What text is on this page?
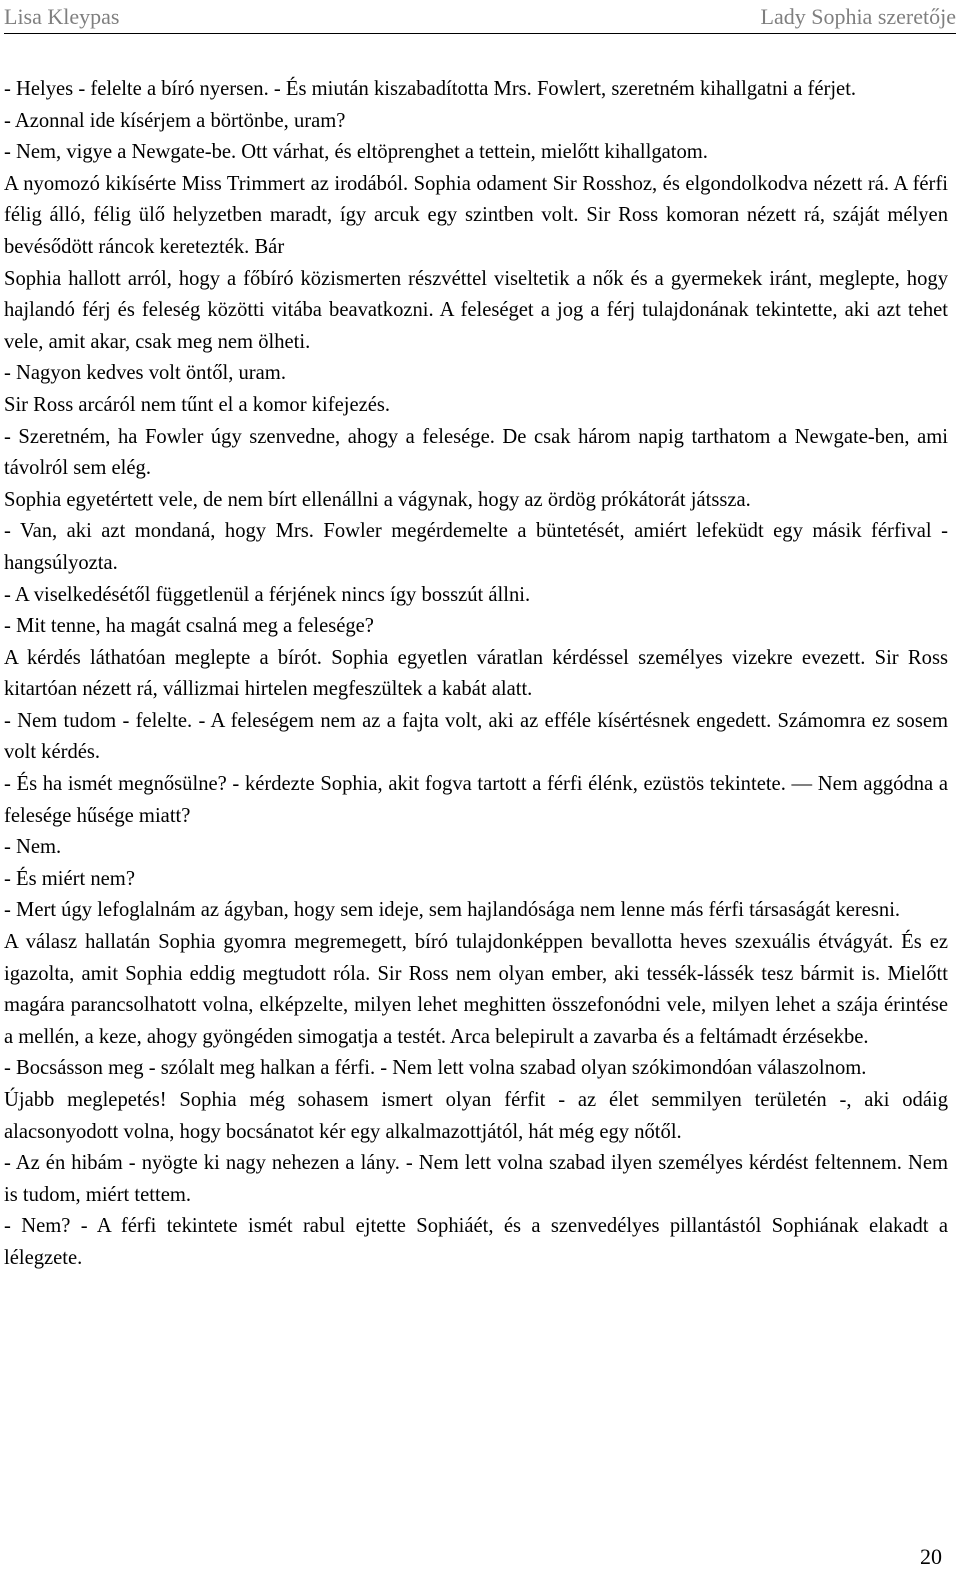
Lisa Kleypas	Lady Sophia szeretője

- Helyes - felelte a bíró nyersen. - És miután kiszabadította Mrs. Fowlert, szeretném kihallgatni a férjet.

- Azonnal ide kísérjem a börtönbe, uram?

- Nem, vigye a Newgate-be. Ott várhat, és eltöprenghet a tettein, mielőtt kihallgatom.

A nyomozó kikísérte Miss Trimmert az irodából. Sophia odament Sir Rosshoz, és elgondolkodva nézett rá. A férfi félig álló, félig ülő helyzetben maradt, így arcuk egy szintben volt. Sir Ross komoran nézett rá, száját mélyen bevésődött ráncok keretezték. Bár

Sophia hallott arról, hogy a főbíró közismerten részvéttel viseltetik a nők és a gyermekek iránt, meglepte, hogy hajlandó férj és feleség közötti vitába beavatkozni. A feleséget a jog a férj tulajdonának tekintette, aki azt tehet vele, amit akar, csak meg nem ölheti.

- Nagyon kedves volt öntől, uram.

Sir Ross arcáról nem tűnt el a komor kifejezés.

- Szeretném, ha Fowler úgy szenvedne, ahogy a felesége. De csak három napig tarthatom a Newgate-ben, ami távolról sem elég.

Sophia egyetértett vele, de nem bírt ellenállni a vágynak, hogy az ördög prókátorát játssza.

- Van, aki azt mondaná, hogy Mrs. Fowler megérdemelte a büntetését, amiért lefeküdt egy másik férfival - hangsúlyozta.

- A viselkedésétől függetlenül a férjének nincs így bosszút állni.

- Mit tenne, ha magát csalná meg a felesége?

A kérdés láthatóan meglepte a bírót. Sophia egyetlen váratlan kérdéssel személyes vizekre evezett. Sir Ross kitartóan nézett rá, vállizmai hirtelen megfeszültek a kabát alatt.

- Nem tudom - felelte. - A feleségem nem az a fajta volt, aki az efféle kísértésnek engedett. Számomra ez sosem volt kérdés.

- És ha ismét megnősülne? - kérdezte Sophia, akit fogva tartott a férfi élénk, ezüstös tekintete. — Nem aggódna a felesége hűsége miatt?

- Nem.

- És miért nem?

- Mert úgy lefoglalnám az ágyban, hogy sem ideje, sem hajlandósága nem lenne más férfi társaságát keresni.

A válasz hallatán Sophia gyomra megremegett, bíró tulajdonképpen bevallotta heves szexuális étvágyát. És ez igazolta, amit Sophia eddig megtudott róla. Sir Ross nem olyan ember, aki tessék-lássék tesz bármit is. Mielőtt magára parancsolhatott volna, elképzelte, milyen lehet meghitten összefonódni vele, milyen lehet a szája érintése a mellén, a keze, ahogy gyöngéden simogatja a testét. Arca belepirult a zavarba és a feltámadt érzésekbe.

- Bocsásson meg - szólalt meg halkan a férfi. - Nem lett volna szabad olyan szókimondóan válaszolnom.

Újabb meglepetés! Sophia még sohasem ismert olyan férfit - az élet semmilyen területén -, aki odáig alacsonyodott volna, hogy bocsánatot kér egy alkalmazottjától, hát még egy nőtől.

- Az én hibám - nyögte ki nagy nehezen a lány. - Nem lett volna szabad ilyen személyes kérdést feltennem. Nem is tudom, miért tettem.

- Nem? - A férfi tekintete ismét rabul ejtette Sophiáét, és a szenvedélyes pillantástól Sophiának elakadt a lélegzete.

20
